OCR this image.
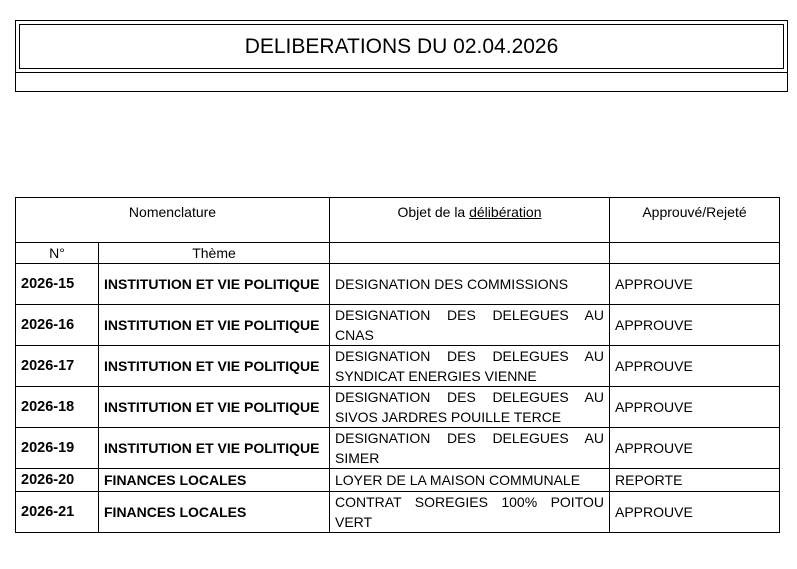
DELIBERATIONS DU 02.04.2026
Nomenclature		Objet de la délibération	Approuvé/Rejeté
N°	Thème		
2026-15	INSTITUTION ET VIE POLITIQUE	DESIGNATION DES COMMISSIONS	APPROUVE
2026-16	INSTITUTION ET VIE POLITIQUE	DESIGNATION DES DELEGUES AU CNAS	APPROUVE
2026-17	INSTITUTION ET VIE POLITIQUE	DESIGNATION DES DELEGUES AU SYNDICAT ENERGIES VIENNE	APPROUVE
2026-18	INSTITUTION ET VIE POLITIQUE	DESIGNATION DES DELEGUES AU SIVOS JARDRES POUILLE TERCE	APPROUVE
2026-19	INSTITUTION ET VIE POLITIQUE	DESIGNATION DES DELEGUES AU SIMER	APPROUVE
2026-20	FINANCES LOCALES	LOYER DE LA MAISON COMMUNALE	REPORTE
2026-21	FINANCES LOCALES	CONTRAT SOREGIES 100% POITOU VERT	APPROUVE
